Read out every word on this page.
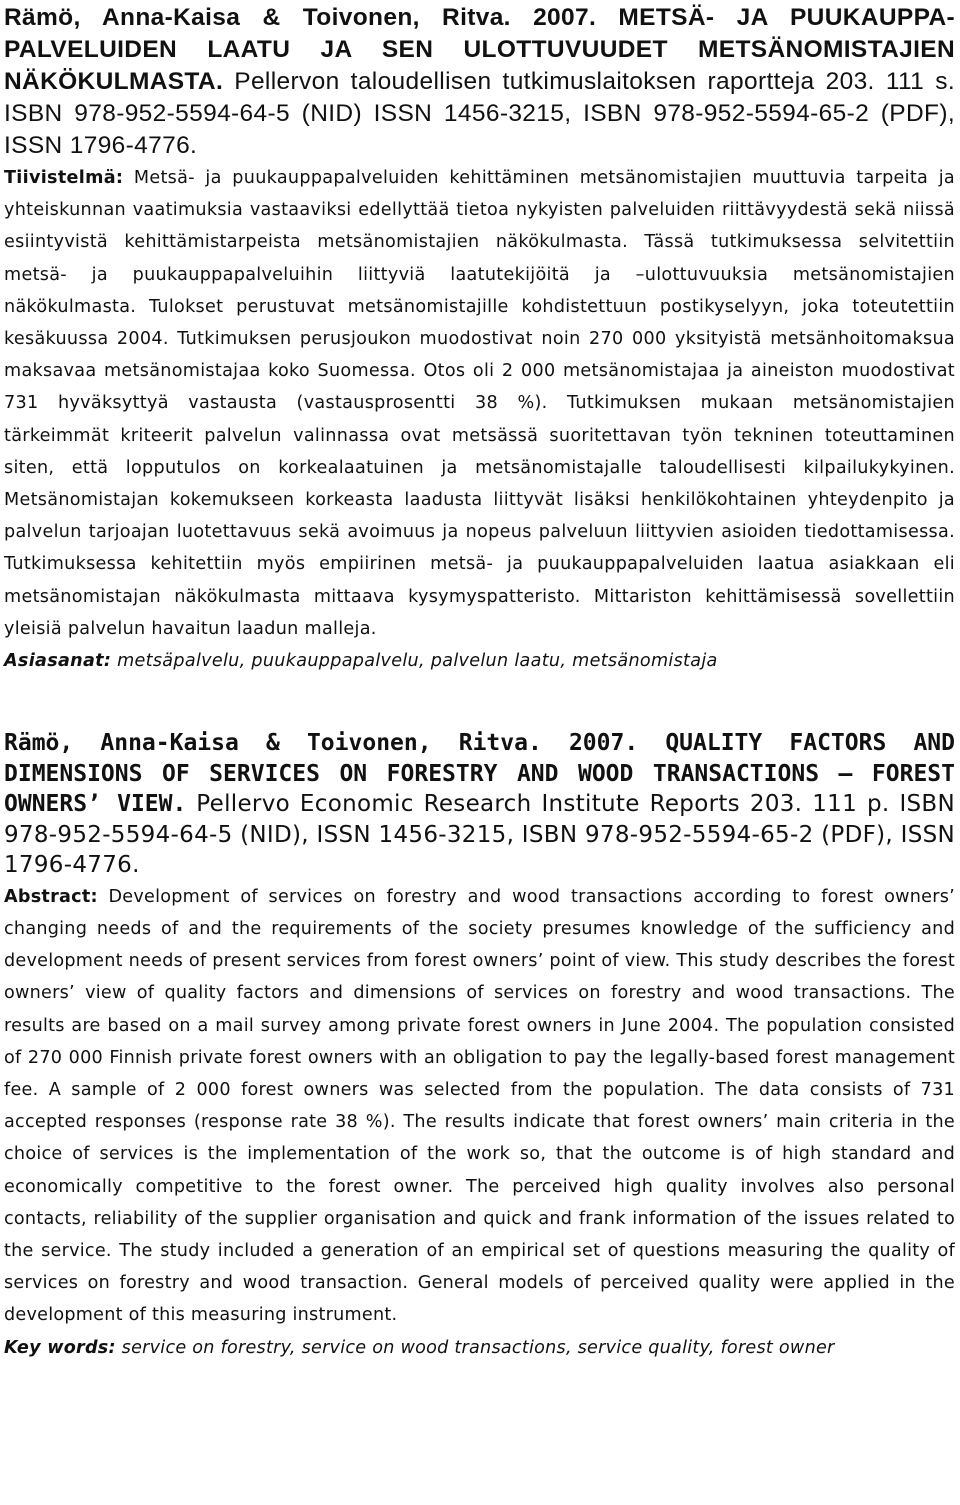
Rämö, Anna-Kaisa & Toivonen, Ritva. 2007. METSÄ- JA PUUKAUPPA-PALVELUIDEN LAATU JA SEN ULOTTUVUUDET METSÄNOMISTAJIEN NÄKÖKULMASTA. Pellervon taloudellisen tutkimuslaitoksen raportteja 203. 111 s. ISBN 978-952-5594-64-5 (NID) ISSN 1456-3215, ISBN 978-952-5594-65-2 (PDF), ISSN 1796-4776.
Tiivistelmä: Metsä- ja puukauppapalveluiden kehittäminen metsänomistajien muuttuvia tarpeita ja yhteiskunnan vaatimuksia vastaaviksi edellyttää tietoa nykyisten palveluiden riittävyydestä sekä niissä esiintyvistä kehittämistarpeista metsänomistajien näkökulmasta. Tässä tutkimuksessa selvitettiin metsä- ja puukauppapalveluihin liittyviä laatutekijöitä ja –ulottuvuuksia metsänomistajien näkökulmasta. Tulokset perustuvat metsänomistajille kohdistettuun postikyselyyn, joka toteutettiin kesäkuussa 2004. Tutkimuksen perusjoukon muodostivat noin 270 000 yksityistä metsänhoitomaksua maksavaa metsänomistajaa koko Suomessa. Otos oli 2 000 metsänomistajaa ja aineiston muodostivat 731 hyväksyttyä vastausta (vastausprosentti 38 %). Tutkimuksen mukaan metsänomistajien tärkeimmät kriteerit palvelun valinnassa ovat metsässä suoritettavan työn tekninen toteuttaminen siten, että lopputulos on korkealaatuinen ja metsänomistajalle taloudellisesti kilpailukykyinen. Metsänomistajan kokemukseen korkeasta laadusta liittyvät lisäksi henkilökohtainen yhteydenpito ja palvelun tarjoajan luotettavuus sekä avoimuus ja nopeus palveluun liittyvien asioiden tiedottamisessa. Tutkimuksessa kehitettiin myös empiirinen metsä- ja puukauppapalveluiden laatua asiakkaan eli metsänomistajan näkökulmasta mittaava kysymyspatteristo. Mittariston kehittämisessä sovellettiin yleisiä palvelun havaitun laadun malleja.
Asiasanat: metsäpalvelu, puukauppapalvelu, palvelun laatu, metsänomistaja
Rämö, Anna-Kaisa & Toivonen, Ritva. 2007. QUALITY FACTORS AND DIMENSIONS OF SERVICES ON FORESTRY AND WOOD TRANSACTIONS – FOREST OWNERS’ VIEW. Pellervo Economic Research Institute Reports 203. 111 p. ISBN 978-952-5594-64-5 (NID), ISSN 1456-3215, ISBN 978-952-5594-65-2 (PDF), ISSN 1796-4776.
Abstract: Development of services on forestry and wood transactions according to forest owners’ changing needs of and the requirements of the society presumes knowledge of the sufficiency and development needs of present services from forest owners’ point of view. This study describes the forest owners’ view of quality factors and dimensions of services on forestry and wood transactions. The results are based on a mail survey among private forest owners in June 2004. The population consisted of 270 000 Finnish private forest owners with an obligation to pay the legally-based forest management fee. A sample of 2 000 forest owners was selected from the population. The data consists of 731 accepted responses (response rate 38 %). The results indicate that forest owners’ main criteria in the choice of services is the implementation of the work so, that the outcome is of high standard and economically competitive to the forest owner. The perceived high quality involves also personal contacts, reliability of the supplier organisation and quick and frank information of the issues related to the service. The study included a generation of an empirical set of questions measuring the quality of services on forestry and wood transaction. General models of perceived quality were applied in the development of this measuring instrument.
Key words: service on forestry, service on wood transactions, service quality, forest owner
